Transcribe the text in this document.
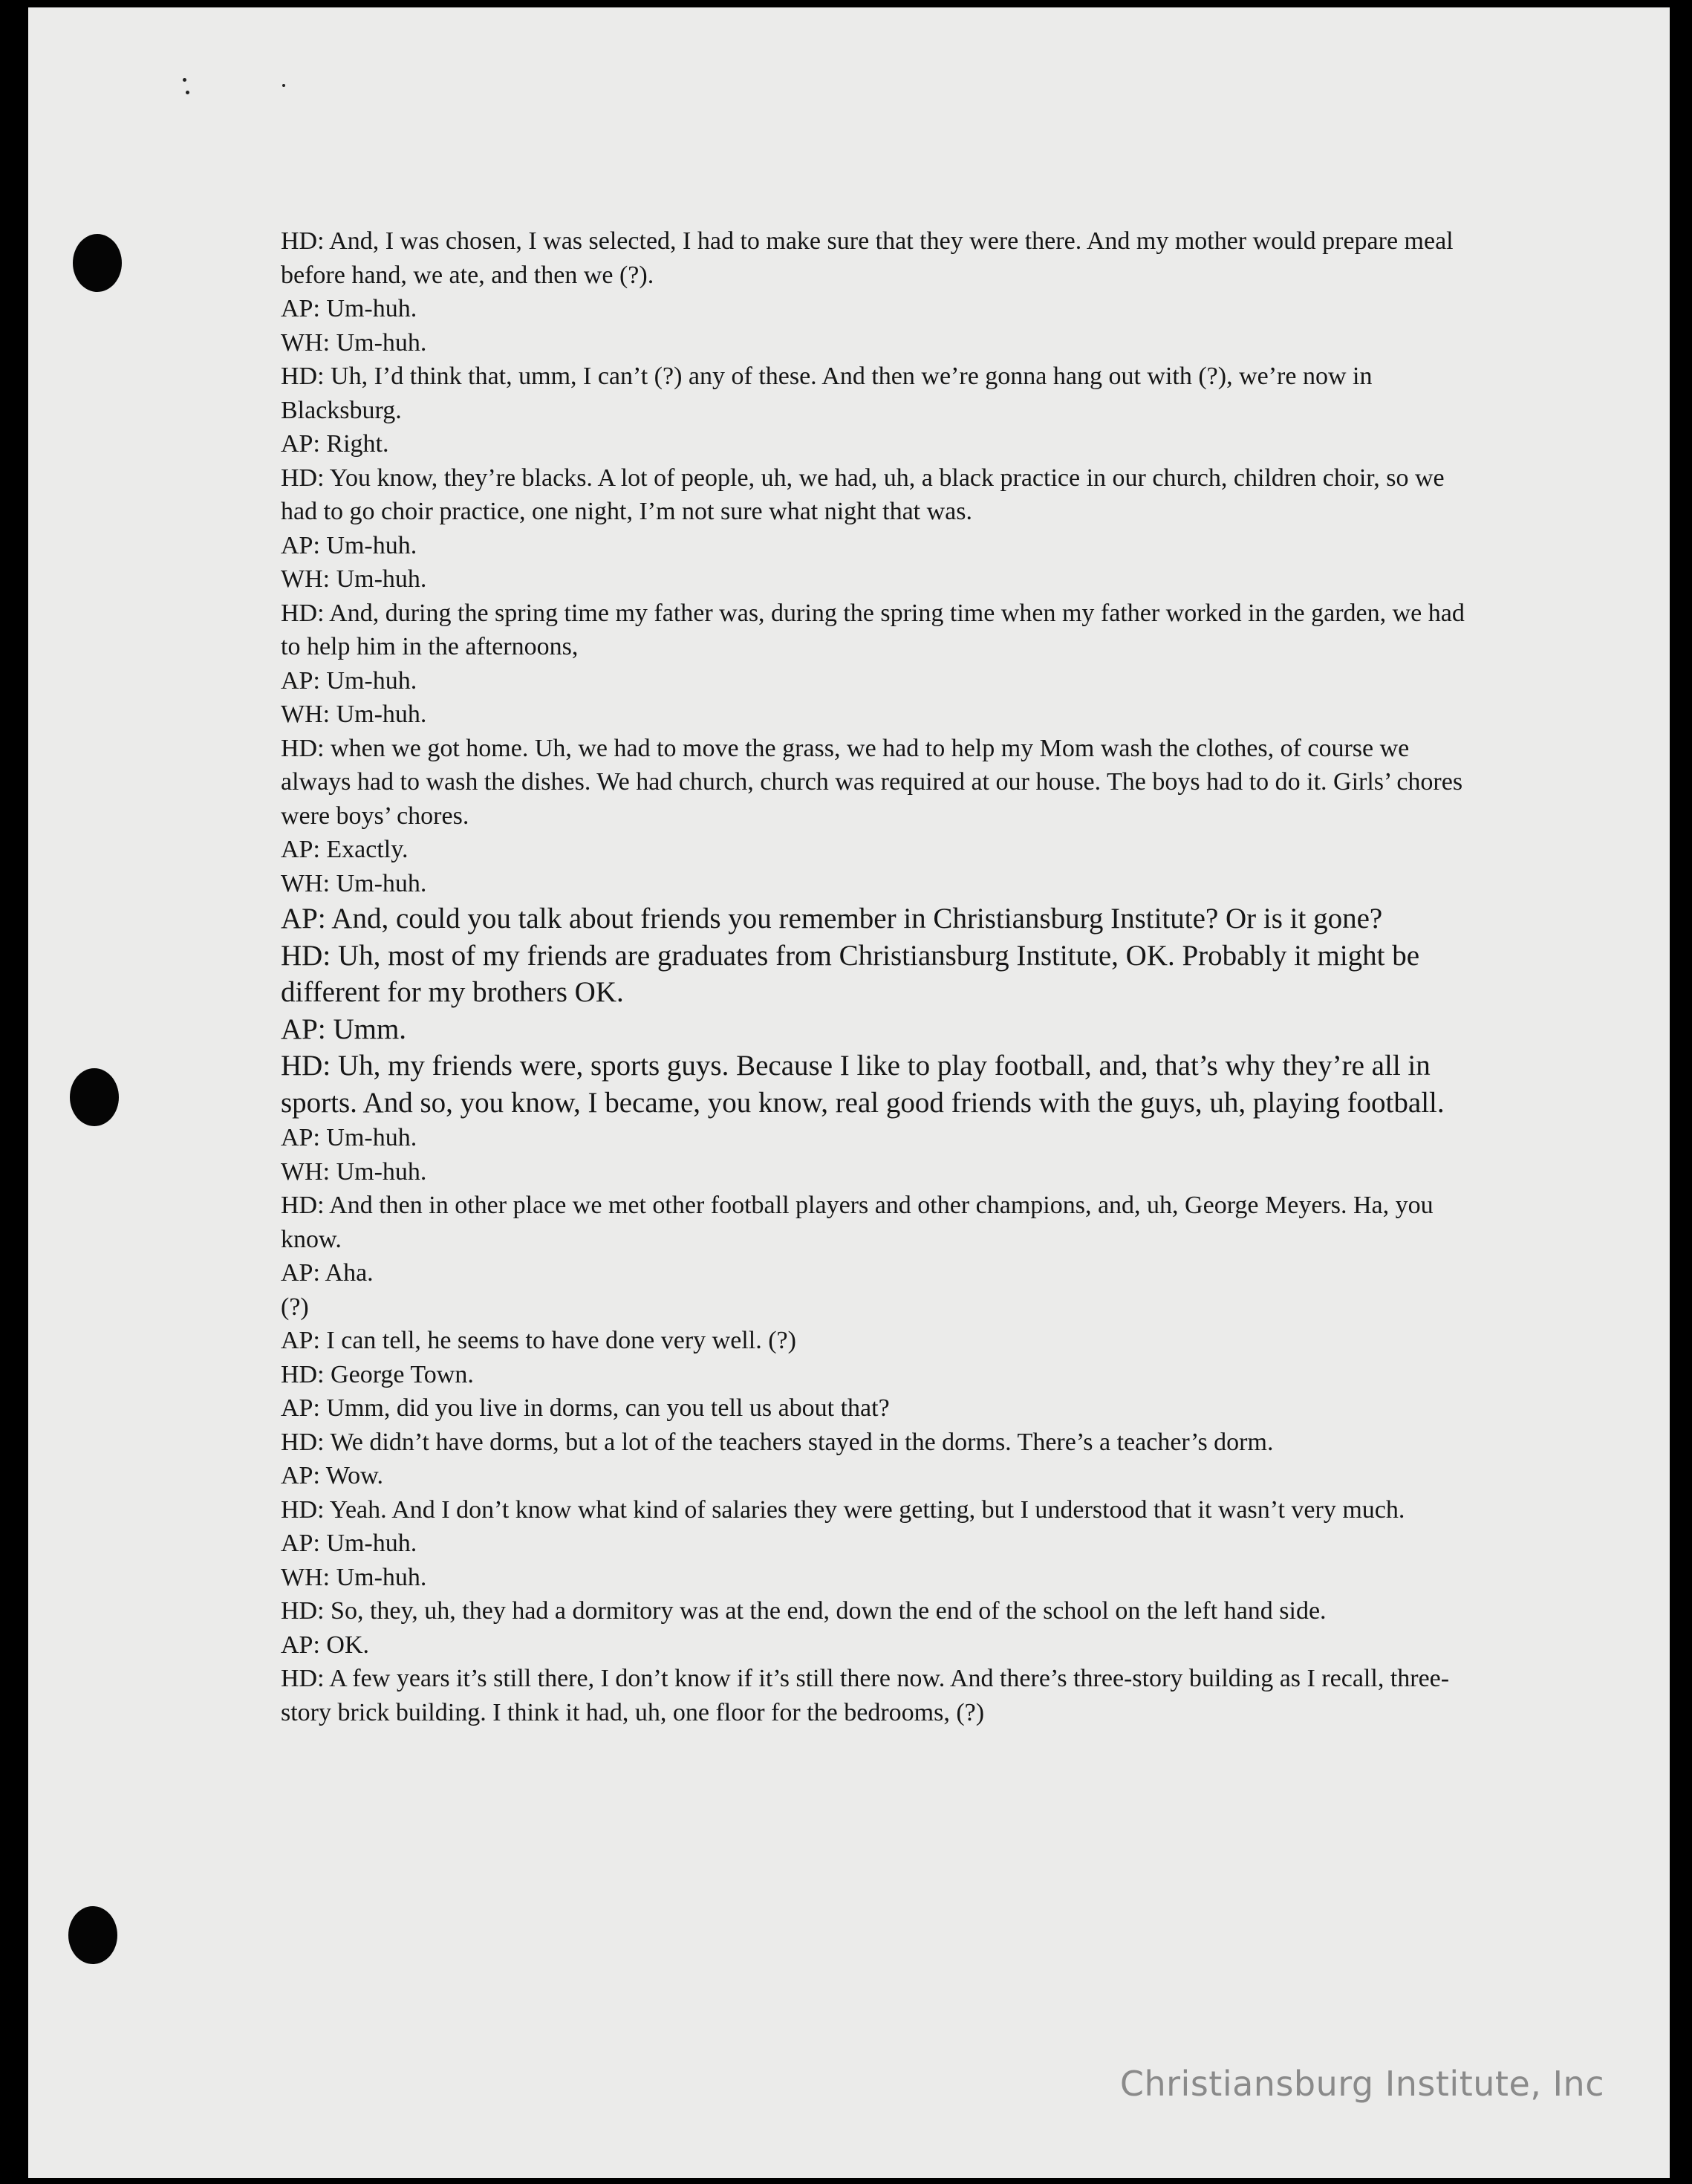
HD: And, I was chosen, I was selected, I had to make sure that they were there. And my mother would prepare meal before hand, we ate, and then we (?).
AP: Um-huh.
WH: Um-huh.
HD: Uh, I’d think that, umm, I can’t (?) any of these. And then we’re gonna hang out with (?), we’re now in Blacksburg.
AP: Right.
HD: You know, they’re blacks. A lot of people, uh, we had, uh, a black practice in our church, children choir, so we had to go choir practice, one night, I’m not sure what night that was.
AP: Um-huh.
WH: Um-huh.
HD: And, during the spring time my father was, during the spring time when my father worked in the garden, we had to help him in the afternoons,
AP: Um-huh.
WH: Um-huh.
HD: when we got home. Uh, we had to move the grass, we had to help my Mom wash the clothes, of course we always had to wash the dishes. We had church, church was required at our house. The boys had to do it. Girls’ chores were boys’ chores.
AP: Exactly.
WH: Um-huh.
AP: And, could you talk about friends you remember in Christiansburg Institute? Or is it gone?
HD: Uh, most of my friends are graduates from Christiansburg Institute, OK. Probably it might be different for my brothers OK.
AP: Umm.
HD: Uh, my friends were, sports guys. Because I like to play football, and, that’s why they’re all in sports. And so, you know, I became, you know, real good friends with the guys, uh, playing football.
AP: Um-huh.
WH: Um-huh.
HD: And then in other place we met other football players and other champions, and, uh, George Meyers. Ha, you know.
AP: Aha.
(?)
AP: I can tell, he seems to have done very well. (?)
HD: George Town.
AP: Umm, did you live in dorms, can you tell us about that?
HD: We didn’t have dorms, but a lot of the teachers stayed in the dorms. There’s a teacher’s dorm.
AP: Wow.
HD: Yeah. And I don’t know what kind of salaries they were getting, but I understood that it wasn’t very much.
AP: Um-huh.
WH: Um-huh.
HD: So, they, uh, they had a dormitory was at the end, down the end of the school on the left hand side.
AP: OK.
HD: A few years it’s still there, I don’t know if it’s still there now. And there’s three-story building as I recall, three-story brick building. I think it had, uh, one floor for the bedrooms, (?)
Christiansburg Institute, Inc
